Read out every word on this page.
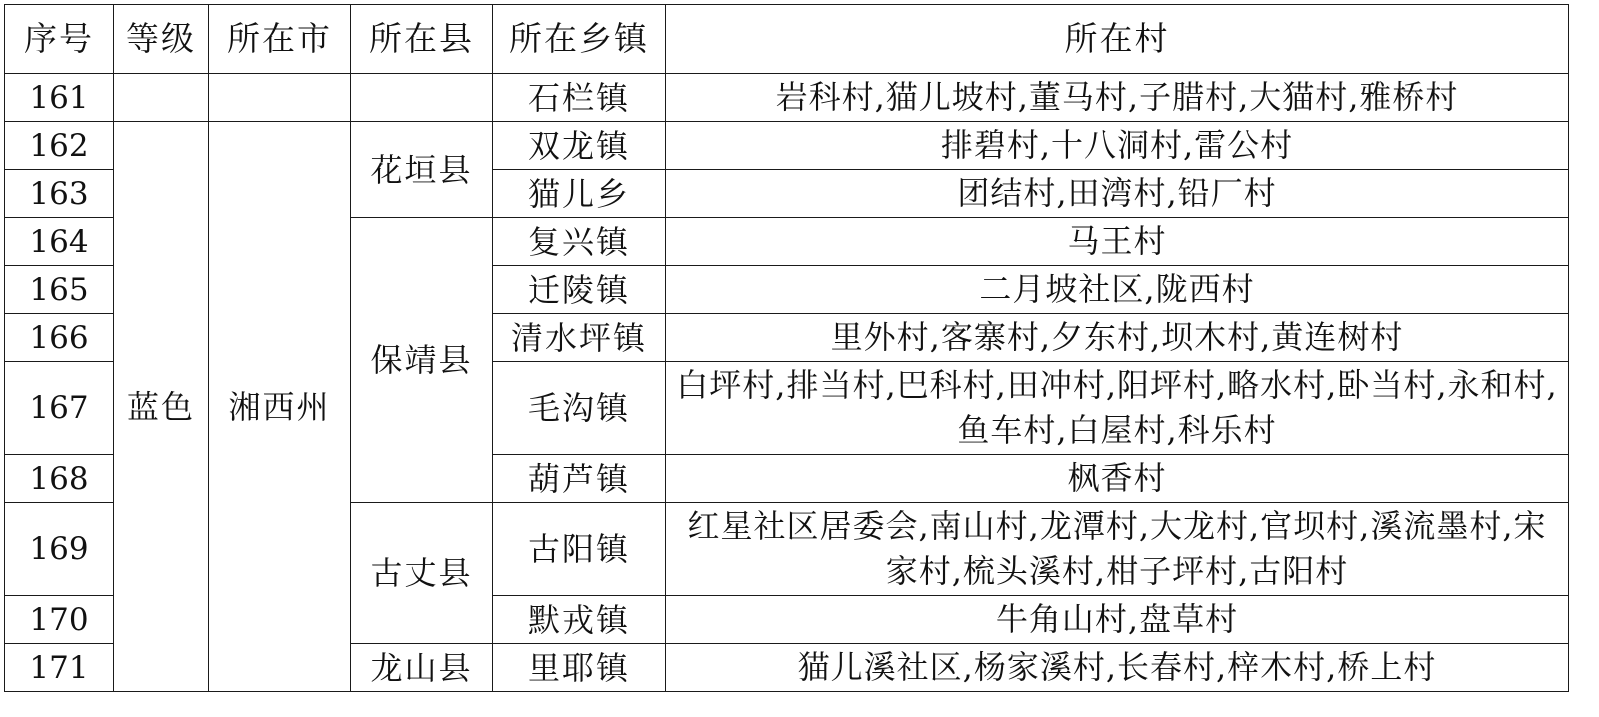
序号	等级	所在市	所在县	所在乡镇	所在村
161				石栏镇	岩科村,猫儿坡村,董马村,子腊村,大猫村,雅桥村
162	蓝色	湘西州	花垣县	双龙镇	排碧村,十八洞村,雷公村
163				猫儿乡	团结村,田湾村,铅厂村
164			保靖县	复兴镇	马王村
165				迁陵镇	二月坡社区,陇西村
166				清水坪镇	里外村,客寨村,夕东村,坝木村,黄连树村
167				毛沟镇	白坪村,排当村,巴科村,田冲村,阳坪村,略水村,卧当村,永和村,鱼车村,白屋村,科乐村
168				葫芦镇	枫香村
169			古丈县	古阳镇	红星社区居委会,南山村,龙潭村,大龙村,官坝村,溪流墨村,宋家村,梳头溪村,柑子坪村,古阳村
170				默戎镇	牛角山村,盘草村
171			龙山县	里耶镇	猫儿溪社区,杨家溪村,长春村,梓木村,桥上村
